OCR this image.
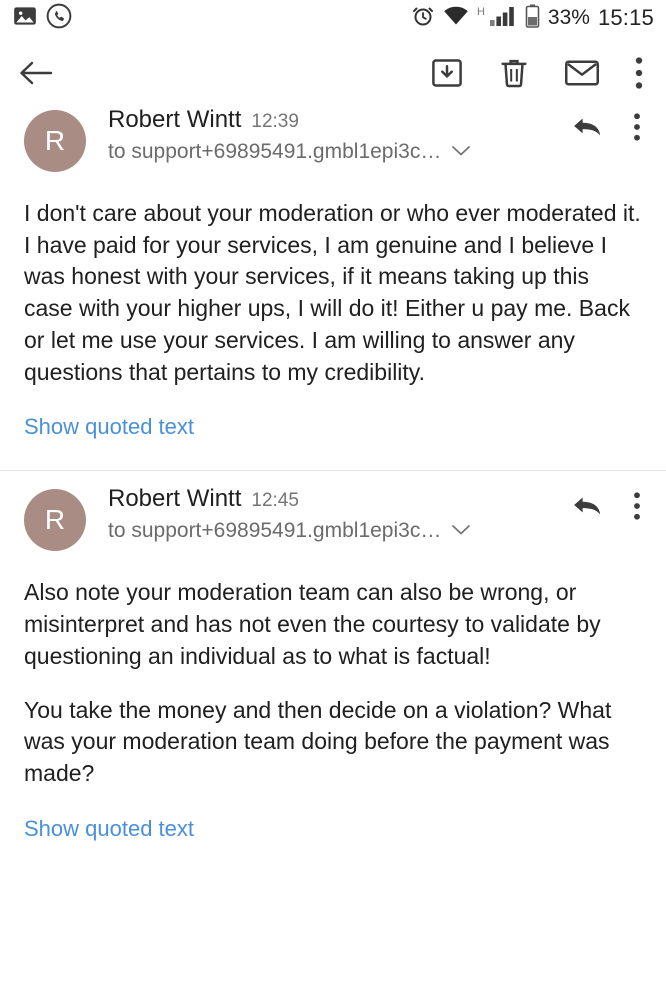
H	33% 15:15
R
Robert Wintt 12:39
to support+69895491.gmbl1epi3c…

I don't care about your moderation or who ever moderated it. I have paid for your services, I am genuine and I believe I was honest with your services, if it means taking up this case with your higher ups, I will do it! Either u pay me. Back or let me use your services. I am willing to answer any questions that pertains to my credibility.

Show quoted text
R
Robert Wintt 12:45
to support+69895491.gmbl1epi3c…

Also note your moderation team can also be wrong, or misinterpret and has not even the courtesy to validate by questioning an individual as to what is factual!

You take the money and then decide on a violation? What was your moderation team doing before the payment was made?

Show quoted text
